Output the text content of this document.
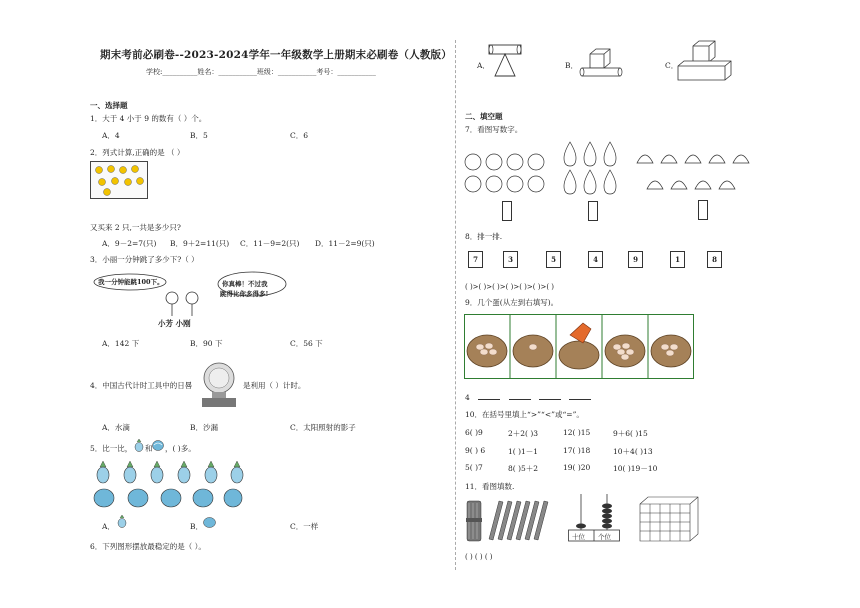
期末考前必刷卷--2023-2024学年一年级数学上册期末必刷卷（人教版）
学校:__________姓名：___________班级：___________考号：___________
一、选择题
1．大于 4 小于 9 的数有（ ）个。
A．4	B．5	C．6
2．列式计算,正确的是 （ ）
又买来 2 只,一共是多少只?
A．9－2=7(只) B．9＋2=11(只) C．11－9=2(只) D．11－2=9(只)
3．小丽一分钟跳了多少下?（ ）
我一分钟能跳100下。	你真棒！不过我
跳得比你多得多!
小芳 小刚
A．142 下	B．90 下	C．56 下
4．中国古代计时工具中的日晷	是利用（ ）计时。
A．水滴	B．沙漏	C．太阳照射的影子
5．比一比， 和 ，( )多。
A．	B．	C．一样
6．下列图形摆放最稳定的是（ ）。
A．	B．	C．
二、填空题
7．看图写数字。
8．排一排.
7	3	5	4	9	1	8
( )>( )>( )>( )>( )>( )>( )
9．几个蛋(从左到右填写)。
4
10．在括号里填上“>”“<”或“=”。
6( )9	2＋2( )3	12( )15	9＋6( )15
9( ) 6	1( )1－1	17( )18	10＋4( )13
5( )7	8( )5＋2	19( )20	10( )19－10
11．看图填数.
十位 个位
( ) ( ) ( )
